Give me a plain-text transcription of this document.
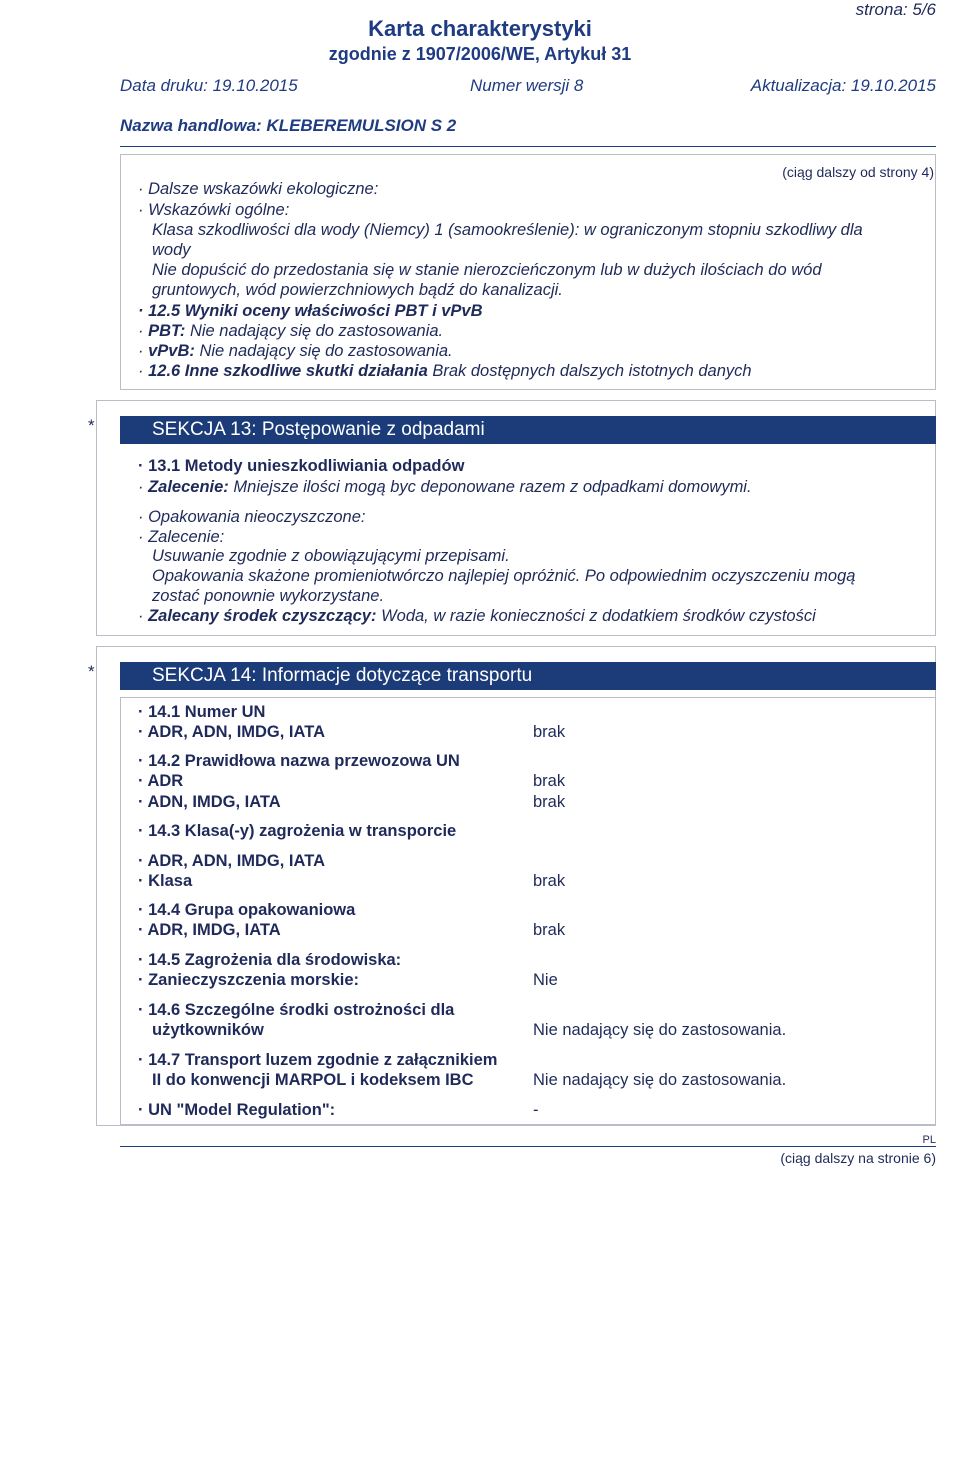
strona: 5/6
Karta charakterystyki
zgodnie z 1907/2006/WE, Artykuł 31
Data druku: 19.10.2015	Numer wersji 8	Aktualizacja: 19.10.2015
Nazwa handlowa: KLEBEREMULSION S 2
(ciąg dalszy od strony 4)
· Dalsze wskazówki ekologiczne:
· Wskazówki ogólne:
Klasa szkodliwości dla wody (Niemcy) 1 (samookreślenie): w ograniczonym stopniu szkodliwy dla
wody
Nie dopuścić do przedostania się w stanie nierozcieńczonym lub w dużych ilościach do wód
gruntowych, wód powierzchniowych bądź do kanalizacji.
· 12.5 Wyniki oceny właściwości PBT i vPvB
· PBT: Nie nadający się do zastosowania.
· vPvB: Nie nadający się do zastosowania.
· 12.6 Inne szkodliwe skutki działania Brak dostępnych dalszych istotnych danych
*	SEKCJA 13: Postępowanie z odpadami
· 13.1 Metody unieszkodliwiania odpadów
· Zalecenie: Mniejsze ilości mogą byc deponowane razem z odpadkami domowymi.
· Opakowania nieoczyszczone:
· Zalecenie:
Usuwanie zgodnie z obowiązującymi przepisami.
Opakowania skażone promieniotwórczo najlepiej opróżnić. Po odpowiednim oczyszczeniu mogą
zostać ponownie wykorzystane.
· Zalecany środek czyszczący: Woda, w razie konieczności z dodatkiem środków czystości
*	SEKCJA 14: Informacje dotyczące transportu
· 14.1 Numer UN
· ADR, ADN, IMDG, IATA	brak
· 14.2 Prawidłowa nazwa przewozowa UN
· ADR	brak
· ADN, IMDG, IATA	brak
· 14.3 Klasa(-y) zagrożenia w transporcie
· ADR, ADN, IMDG, IATA
· Klasa	brak
· 14.4 Grupa opakowaniowa
· ADR, IMDG, IATA	brak
· 14.5 Zagrożenia dla środowiska:
· Zanieczyszczenia morskie:	Nie
· 14.6 Szczególne środki ostrożności dla
użytkowników	Nie nadający się do zastosowania.
· 14.7 Transport luzem zgodnie z załącznikiem
II do konwencji MARPOL i kodeksem IBC	Nie nadający się do zastosowania.
· UN "Model Regulation":	-
PL
(ciąg dalszy na stronie 6)
